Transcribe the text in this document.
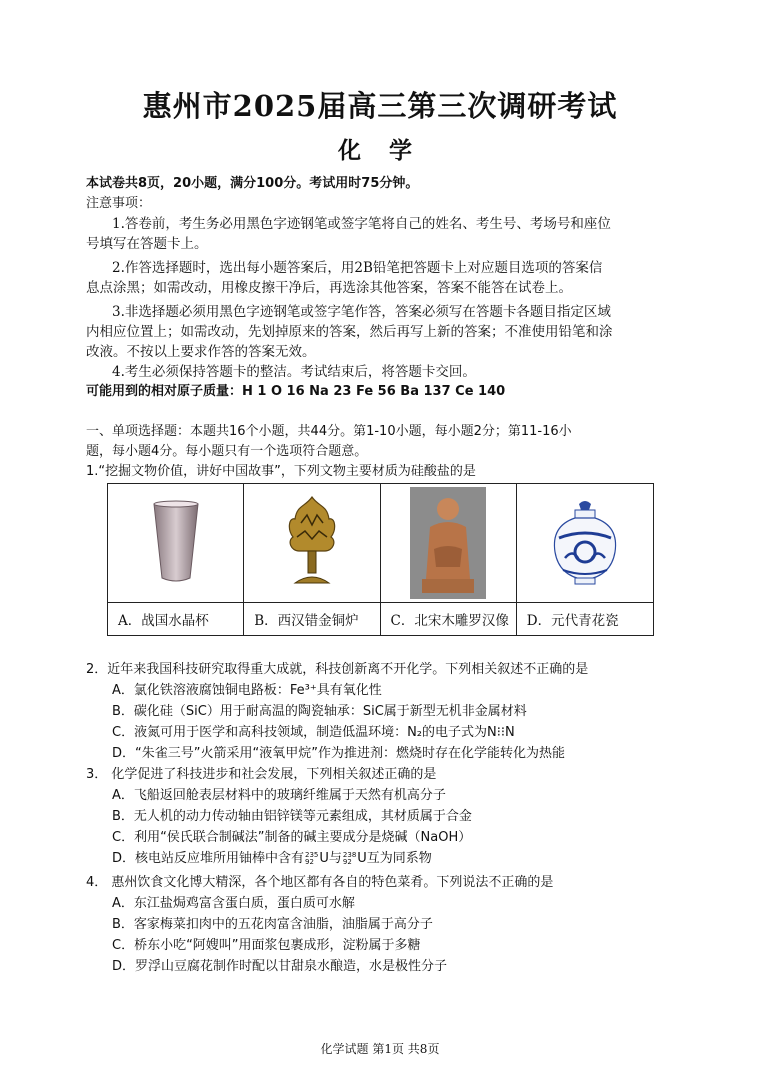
惠州市2025届高三第三次调研考试
化 学
本试卷共8页，20小题，满分100分。考试用时75分钟。
注意事项：
1.答卷前，考生务必用黑色字迹钢笔或签字笔将自己的姓名、考生号、考场号和座位
号填写在答题卡上。
2.作答选择题时，选出每小题答案后，用2B铅笔把答题卡上对应题目选项的答案信
息点涂黑；如需改动，用橡皮擦干净后，再选涂其他答案，答案不能答在试卷上。
3.非选择题必须用黑色字迹钢笔或签字笔作答，答案必须写在答题卡各题目指定区域
内相应位置上；如需改动，先划掉原来的答案，然后再写上新的答案；不准使用铅笔和涂
改液。不按以上要求作答的答案无效。
4.考生必须保持答题卡的整洁。考试结束后，将答题卡交回。
可能用到的相对原子质量：H 1 O 16 Na 23 Fe 56 Ba 137 Ce 140
一、单项选择题：本题共16个小题，共44分。第1-10小题，每小题2分；第11-16小
题，每小题4分。每小题只有一个选项符合题意。
1.“挖掘文物价值，讲好中国故事”，下列文物主要材质为硅酸盐的是
A．战国水晶杯	B．西汉错金铜炉	C．北宋木雕罗汉像	D．元代青花瓷
2．近年来我国科技研究取得重大成就，科技创新离不开化学。下列相关叙述不正确的是
A．氯化铁溶液腐蚀铜电路板：Fe³⁺具有氧化性
B．碳化硅（SiC）用于耐高温的陶瓷轴承：SiC属于新型无机非金属材料
C．液氮可用于医学和高科技领域，制造低温环境：N₂的电子式为N⁝⁝N
D．“朱雀三号”火箭采用“液氧甲烷”作为推进剂：燃烧时存在化学能转化为热能
3． 化学促进了科技进步和社会发展，下列相关叙述正确的是
A．飞船返回舱表层材料中的玻璃纤维属于天然有机高分子
B．无人机的动力传动轴由铝锌镁等元素组成，其材质属于合金
C．利用“侯氏联合制碱法”制备的碱主要成分是烧碱（NaOH）
D．核电站反应堆所用铀棒中含有 235
92 U与 238
92 U互为同系物
4． 惠州饮食文化博大精深，各个地区都有各自的特色菜肴。下列说法不正确的是
A．东江盐焗鸡富含蛋白质，蛋白质可水解
B．客家梅菜扣肉中的五花肉富含油脂，油脂属于高分子
C．桥东小吃“阿嫂叫”用面浆包裹成形，淀粉属于多糖
D．罗浮山豆腐花制作时配以甘甜泉水酿造，水是极性分子
化学试题 第1页 共8页
